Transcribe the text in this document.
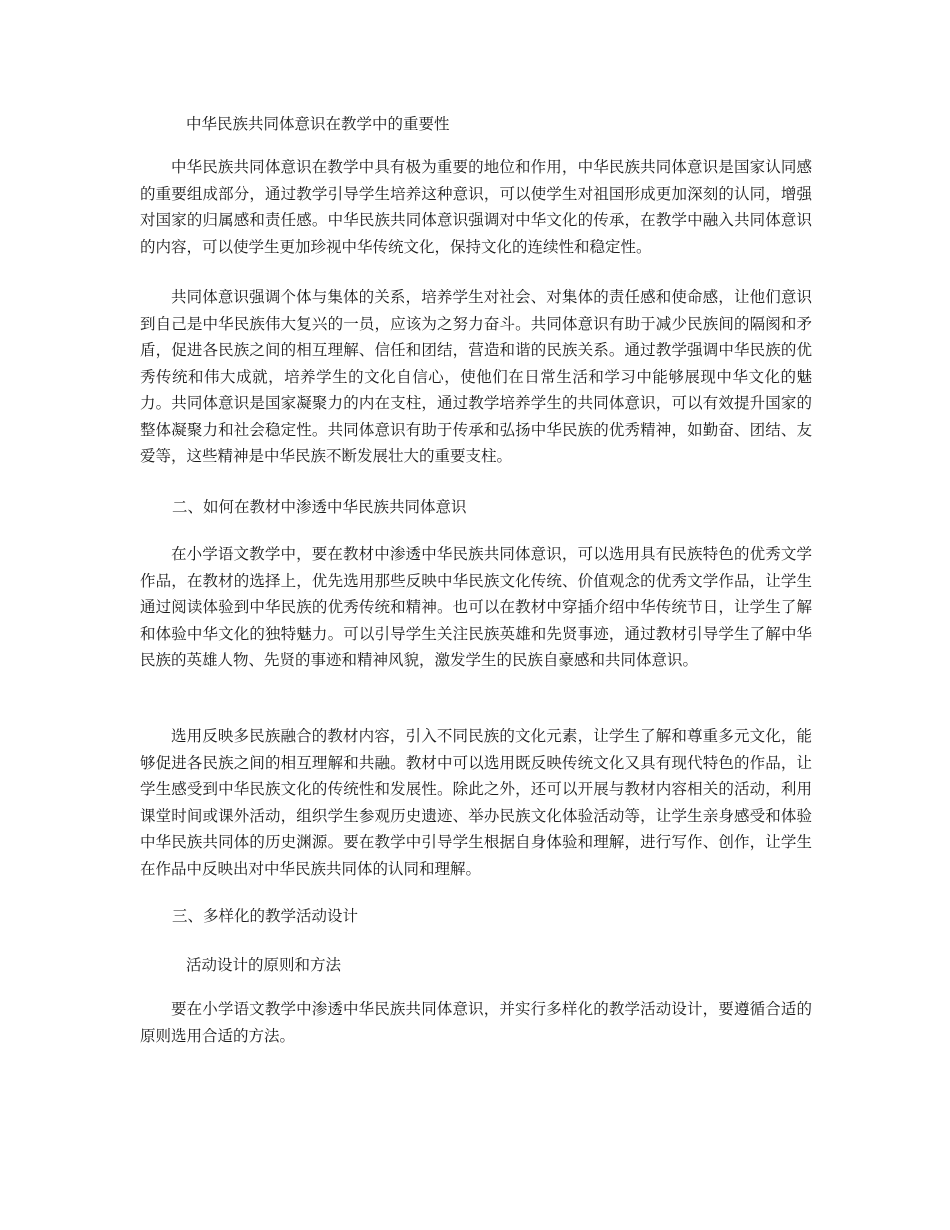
中华民族共同体意识在教学中的重要性
中华民族共同体意识在教学中具有极为重要的地位和作用，中华民族共同体意识是国家认同感的重要组成部分，通过教学引导学生培养这种意识，可以使学生对祖国形成更加深刻的认同，增强对国家的归属感和责任感。中华民族共同体意识强调对中华文化的传承，在教学中融入共同体意识的内容，可以使学生更加珍视中华传统文化，保持文化的连续性和稳定性。
共同体意识强调个体与集体的关系，培养学生对社会、对集体的责任感和使命感，让他们意识到自己是中华民族伟大复兴的一员，应该为之努力奋斗。共同体意识有助于减少民族间的隔阂和矛盾，促进各民族之间的相互理解、信任和团结，营造和谐的民族关系。通过教学强调中华民族的优秀传统和伟大成就，培养学生的文化自信心，使他们在日常生活和学习中能够展现中华文化的魅力。共同体意识是国家凝聚力的内在支柱，通过教学培养学生的共同体意识，可以有效提升国家的整体凝聚力和社会稳定性。共同体意识有助于传承和弘扬中华民族的优秀精神，如勤奋、团结、友爱等，这些精神是中华民族不断发展壮大的重要支柱。
二、如何在教材中渗透中华民族共同体意识
在小学语文教学中，要在教材中渗透中华民族共同体意识，可以选用具有民族特色的优秀文学作品，在教材的选择上，优先选用那些反映中华民族文化传统、价值观念的优秀文学作品，让学生通过阅读体验到中华民族的优秀传统和精神。也可以在教材中穿插介绍中华传统节日，让学生了解和体验中华文化的独特魅力。可以引导学生关注民族英雄和先贤事迹，通过教材引导学生了解中华民族的英雄人物、先贤的事迹和精神风貌，激发学生的民族自豪感和共同体意识。
选用反映多民族融合的教材内容，引入不同民族的文化元素，让学生了解和尊重多元文化，能够促进各民族之间的相互理解和共融。教材中可以选用既反映传统文化又具有现代特色的作品，让学生感受到中华民族文化的传统性和发展性。除此之外，还可以开展与教材内容相关的活动，利用课堂时间或课外活动，组织学生参观历史遗迹、举办民族文化体验活动等，让学生亲身感受和体验中华民族共同体的历史渊源。要在教学中引导学生根据自身体验和理解，进行写作、创作，让学生在作品中反映出对中华民族共同体的认同和理解。
三、多样化的教学活动设计
活动设计的原则和方法
要在小学语文教学中渗透中华民族共同体意识，并实行多样化的教学活动设计，要遵循合适的原则选用合适的方法。
